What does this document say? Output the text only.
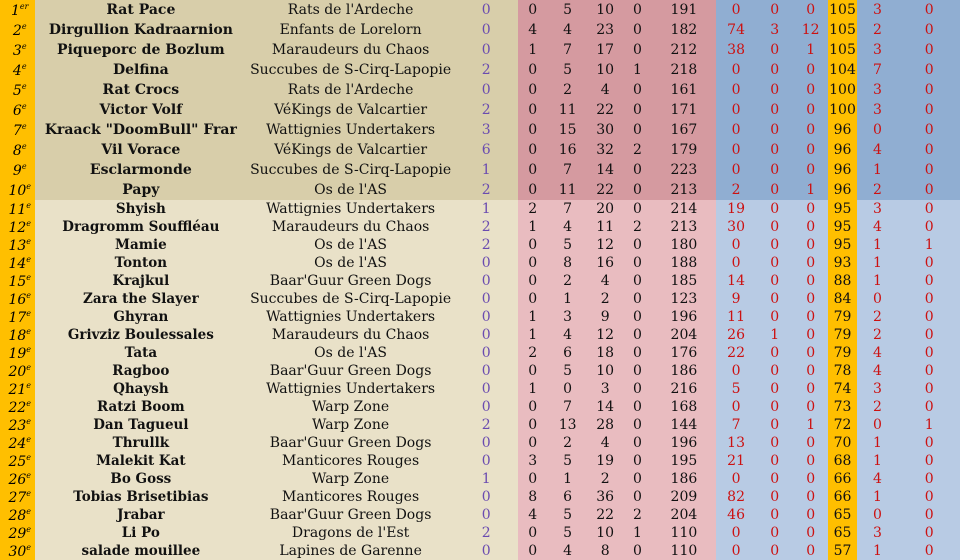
1er	Rat Pace	Rats de l'Ardeche	0	0	5	10	0	191	0	0	0	105	3	0
2e	Dirgullion Kadraarnion	Enfants de Lorelorn	0	4	4	23	0	182	74	3	12	105	2	0
3e	Piqueporc de Bozlum	Maraudeurs du Chaos	0	1	7	17	0	212	38	0	1	105	3	0
4e	Delfina	Succubes de S-Cirq-Lapopie	2	0	5	10	1	218	0	0	0	104	7	0
5e	Rat Crocs	Rats de l'Ardeche	0	0	2	4	0	161	0	0	0	100	3	0
6e	Victor Volf	VéKings de Valcartier	2	0	11	22	0	171	0	0	0	100	3	0
7e	Kraack "DoomBull" Frar	Wattignies Undertakers	3	0	15	30	0	167	0	0	0	96	0	0
8e	Vil Vorace	VéKings de Valcartier	6	0	16	32	2	179	0	0	0	96	4	0
9e	Esclarmonde	Succubes de S-Cirq-Lapopie	1	0	7	14	0	223	0	0	0	96	1	0
10e	Papy	Os de l'AS	2	0	11	22	0	213	2	0	1	96	2	0
11e	Shyish	Wattignies Undertakers	1	2	7	20	0	214	19	0	0	95	3	0
12e	Dragromm Souffléau	Maraudeurs du Chaos	2	1	4	11	2	213	30	0	0	95	4	0
13e	Mamie	Os de l'AS	2	0	5	12	0	180	0	0	0	95	1	1
14e	Tonton	Os de l'AS	0	0	8	16	0	188	0	0	0	93	1	0
15e	Krajkul	Baar'Guur Green Dogs	0	0	2	4	0	185	14	0	0	88	1	0
16e	Zara the Slayer	Succubes de S-Cirq-Lapopie	0	0	1	2	0	123	9	0	0	84	0	0
17e	Ghyran	Wattignies Undertakers	0	1	3	9	0	196	11	0	0	79	2	0
18e	Grivziz Boulessales	Maraudeurs du Chaos	0	1	4	12	0	204	26	1	0	79	2	0
19e	Tata	Os de l'AS	0	2	6	18	0	176	22	0	0	79	4	0
20e	Ragboo	Baar'Guur Green Dogs	0	0	5	10	0	186	0	0	0	78	4	0
21e	Qhaysh	Wattignies Undertakers	0	1	0	3	0	216	5	0	0	74	3	0
22e	Ratzi Boom	Warp Zone	0	0	7	14	0	168	0	0	0	73	2	0
23e	Dan Tagueul	Warp Zone	2	0	13	28	0	144	7	0	1	72	0	1
24e	Thrullk	Baar'Guur Green Dogs	0	0	2	4	0	196	13	0	0	70	1	0
25e	Malekit Kat	Manticores Rouges	0	3	5	19	0	195	21	0	0	68	1	0
26e	Bo Goss	Warp Zone	1	0	1	2	0	186	0	0	0	66	4	0
27e	Tobias Brisetibias	Manticores Rouges	0	8	6	36	0	209	82	0	0	66	1	0
28e	Jrabar	Baar'Guur Green Dogs	0	4	5	22	2	204	46	0	0	65	0	0
29e	Li Po	Dragons de l'Est	2	0	5	10	1	110	0	0	0	65	3	0
30e	salade mouillee	Lapines de Garenne	0	0	4	8	0	110	0	0	0	57	1	0
